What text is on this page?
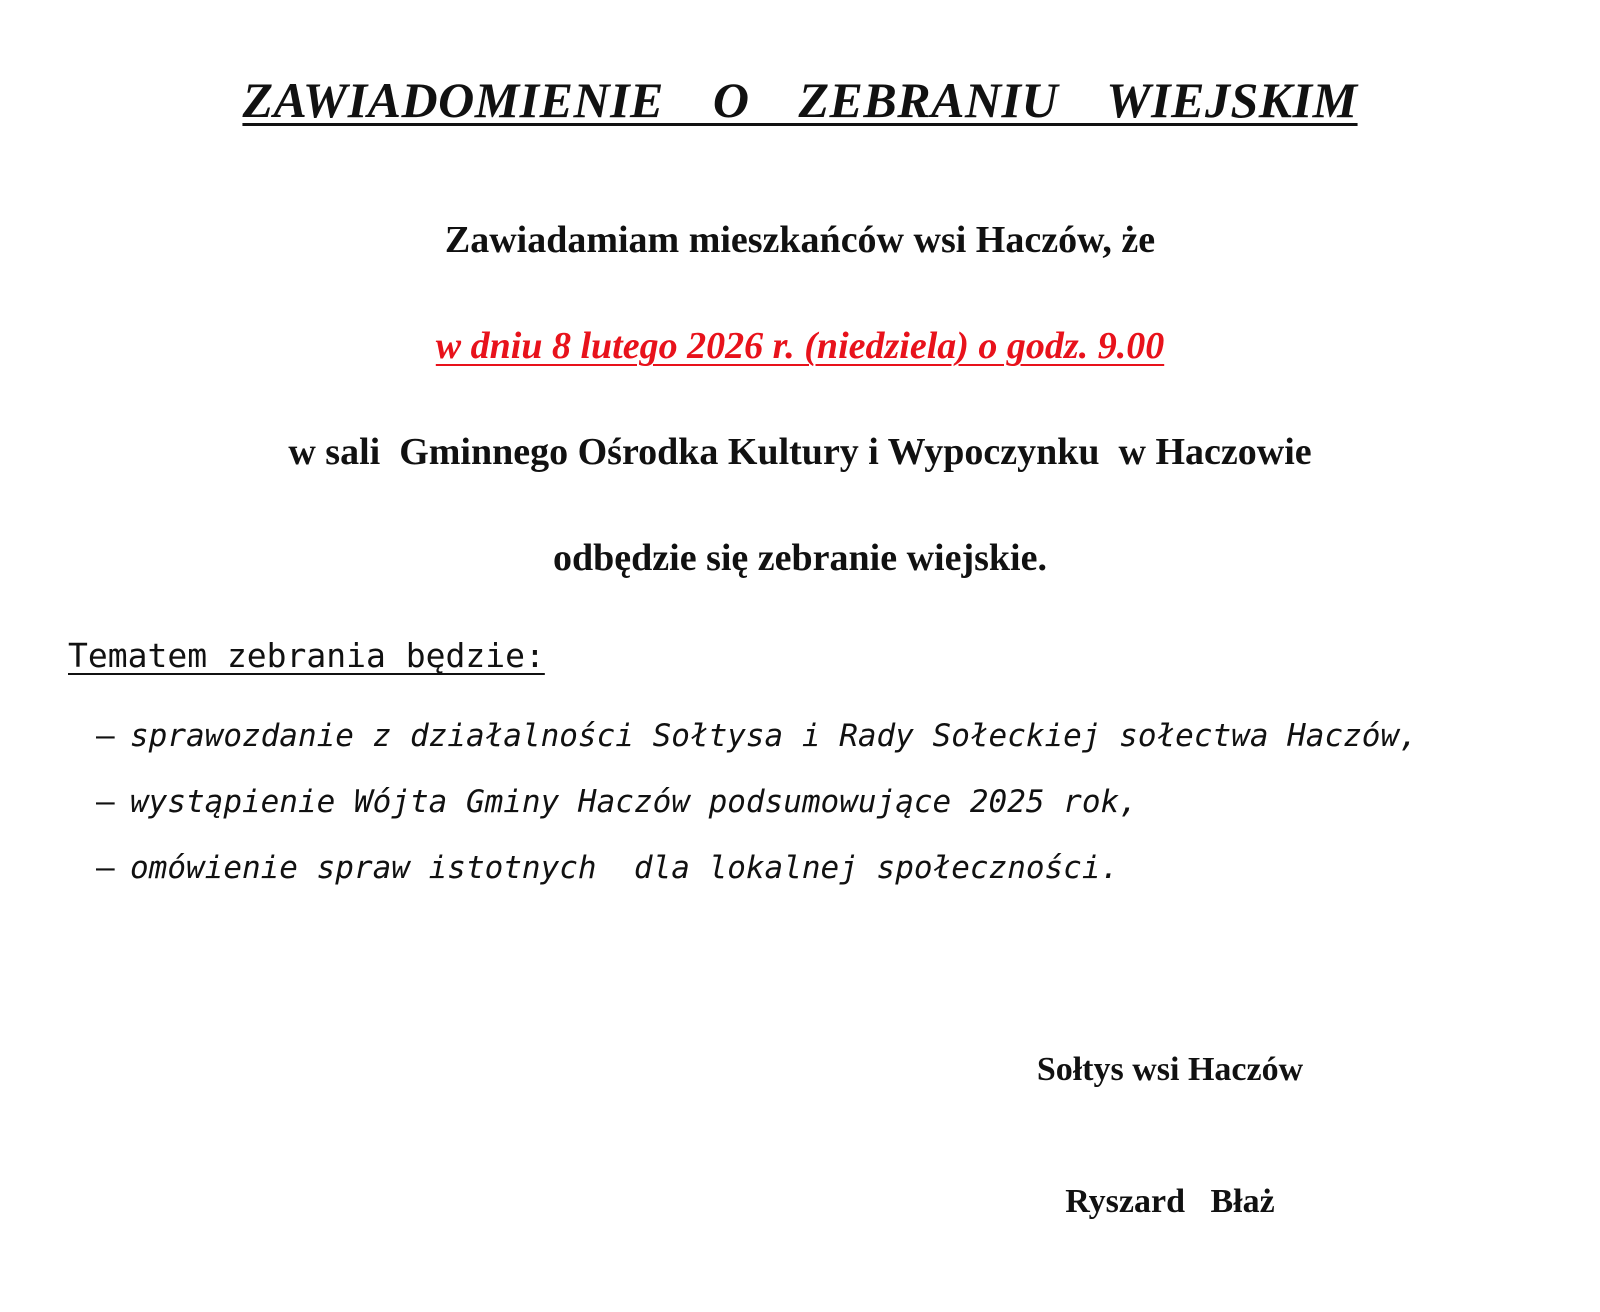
ZAWIADOMIENIE O ZEBRANIU WIEJSKIM
Zawiadamiam mieszkańców wsi Haczów, że
w dniu 8 lutego 2026 r. (niedziela) o godz. 9.00
w sali  Gminnego Ośrodka Kultury i Wypoczynku  w Haczowie
odbędzie się zebranie wiejskie.
Tematem zebrania będzie:
– sprawozdanie z działalności Sołtysa i Rady Sołeckiej sołectwa Haczów,
– wystąpienie Wójta Gminy Haczów podsumowujące 2025 rok,
– omówienie spraw istotnych  dla lokalnej społeczności.

Sołtys wsi Haczów

Ryszard   Błaż
